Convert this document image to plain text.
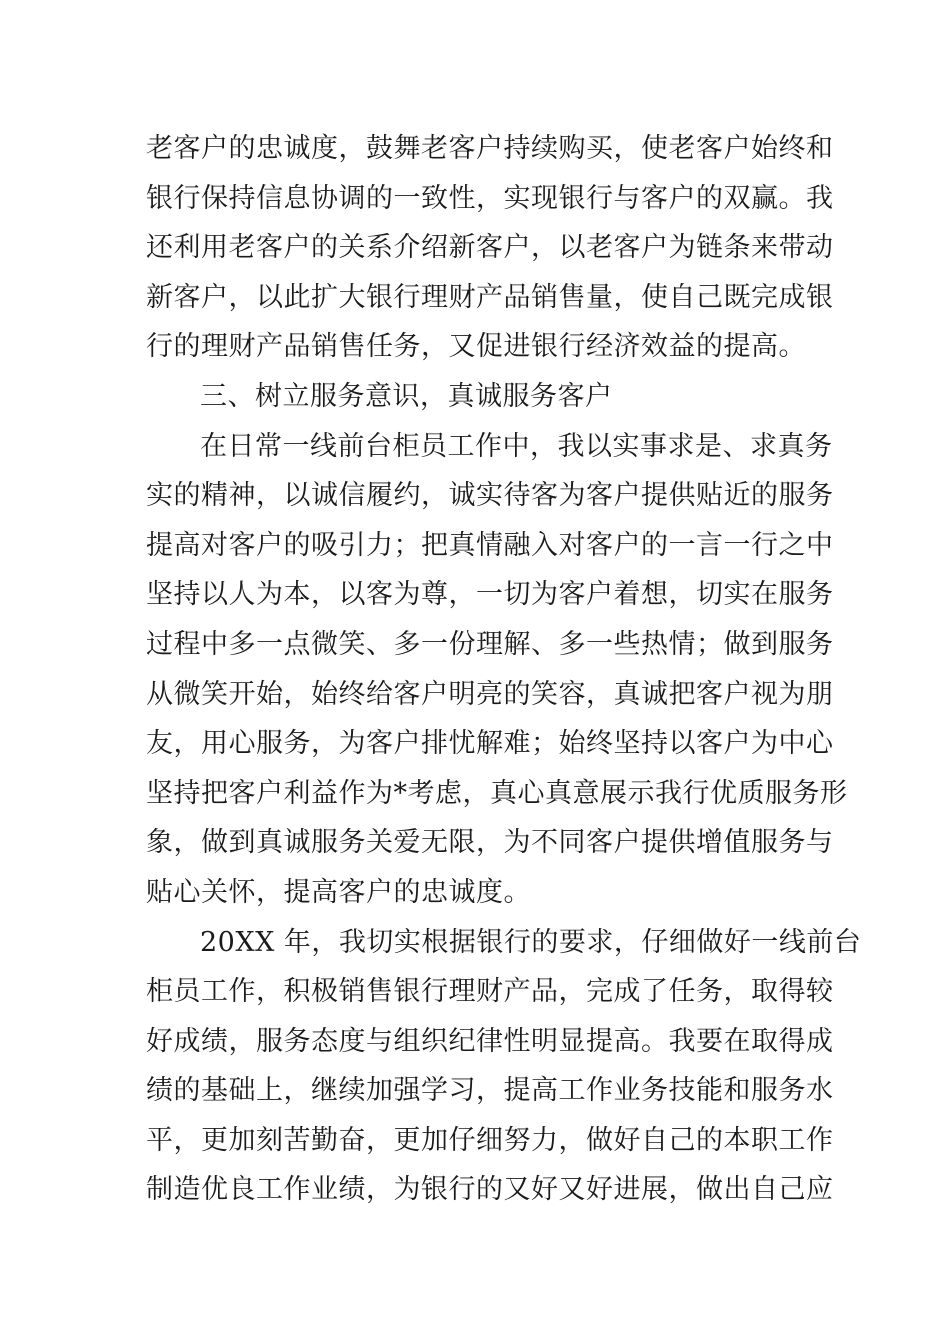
老客户的忠诚度，鼓舞老客户持续购买，使老客户始终和
银行保持信息协调的一致性，实现银行与客户的双赢。我
还利用老客户的关系介绍新客户，以老客户为链条来带动
新客户，以此扩大银行理财产品销售量，使自己既完成银
行的理财产品销售任务，又促进银行经济效益的提高。
三、树立服务意识，真诚服务客户
在日常一线前台柜员工作中，我以实事求是、求真务
实的精神，以诚信履约，诚实待客为客户提供贴近的服务
提高对客户的吸引力；把真情融入对客户的一言一行之中
坚持以人为本，以客为尊，一切为客户着想，切实在服务
过程中多一点微笑、多一份理解、多一些热情；做到服务
从微笑开始，始终给客户明亮的笑容，真诚把客户视为朋
友，用心服务，为客户排忧解难；始终坚持以客户为中心
坚持把客户利益作为*考虑，真心真意展示我行优质服务形
象，做到真诚服务关爱无限，为不同客户提供增值服务与
贴心关怀，提高客户的忠诚度。
20XX 年，我切实根据银行的要求，仔细做好一线前台
柜员工作，积极销售银行理财产品，完成了任务，取得较
好成绩，服务态度与组织纪律性明显提高。我要在取得成
绩的基础上，继续加强学习，提高工作业务技能和服务水
平，更加刻苦勤奋，更加仔细努力，做好自己的本职工作
制造优良工作业绩，为银行的又好又好进展，做出自己应
